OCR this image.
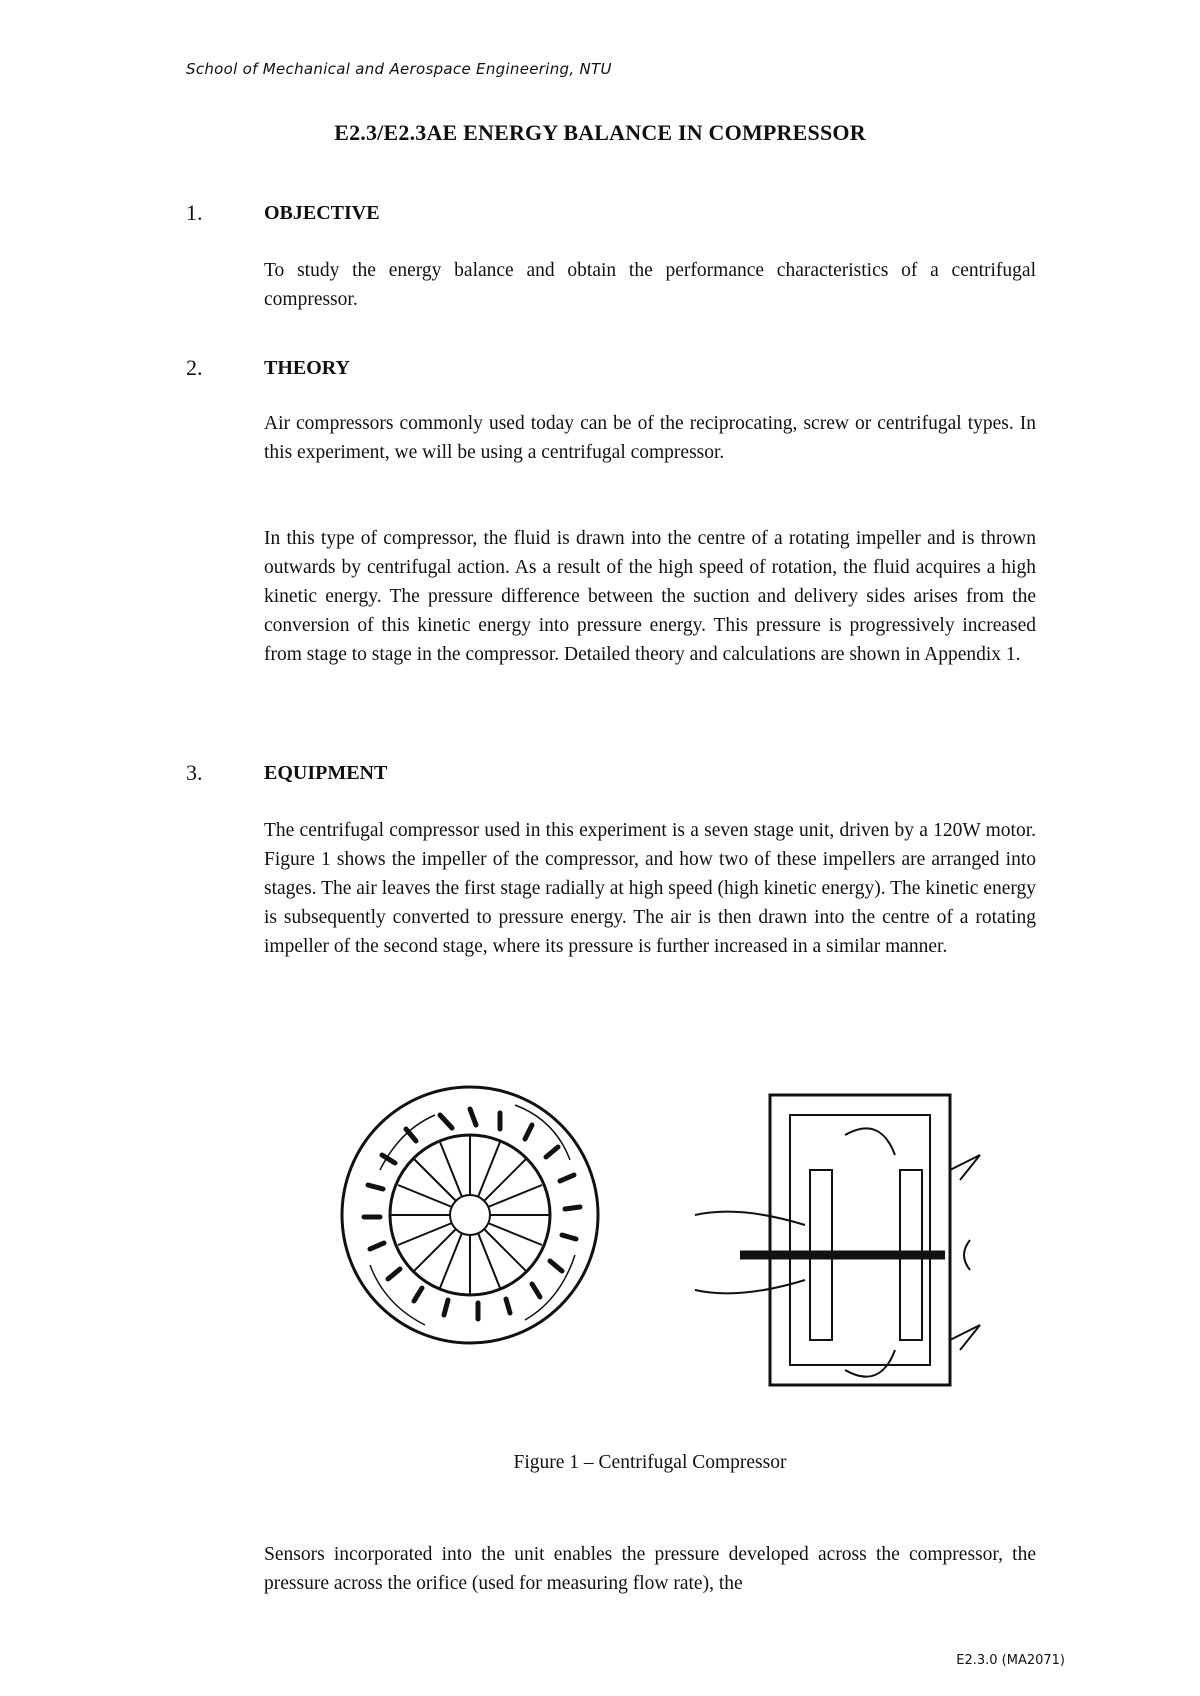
School of Mechanical and Aerospace Engineering, NTU
E2.3/E2.3AE ENERGY BALANCE IN COMPRESSOR
1.	OBJECTIVE
To study the energy balance and obtain the performance characteristics of a centrifugal compressor.
2.	THEORY
Air compressors commonly used today can be of the reciprocating, screw or centrifugal types. In this experiment, we will be using a centrifugal compressor.
In this type of compressor, the fluid is drawn into the centre of a rotating impeller and is thrown outwards by centrifugal action. As a result of the high speed of rotation, the fluid acquires a high kinetic energy. The pressure difference between the suction and delivery sides arises from the conversion of this kinetic energy into pressure energy. This pressure is progressively increased from stage to stage in the compressor. Detailed theory and calculations are shown in Appendix 1.
3.	EQUIPMENT
The centrifugal compressor used in this experiment is a seven stage unit, driven by a 120W motor. Figure 1 shows the impeller of the compressor, and how two of these impellers are arranged into stages. The air leaves the first stage radially at high speed (high kinetic energy). The kinetic energy is subsequently converted to pressure energy. The air is then drawn into the centre of a rotating impeller of the second stage, where its pressure is further increased in a similar manner.
Figure 1 – Centrifugal Compressor
Sensors incorporated into the unit enables the pressure developed across the compressor, the pressure across the orifice (used for measuring flow rate), the
E2.3.0 (MA2071)
